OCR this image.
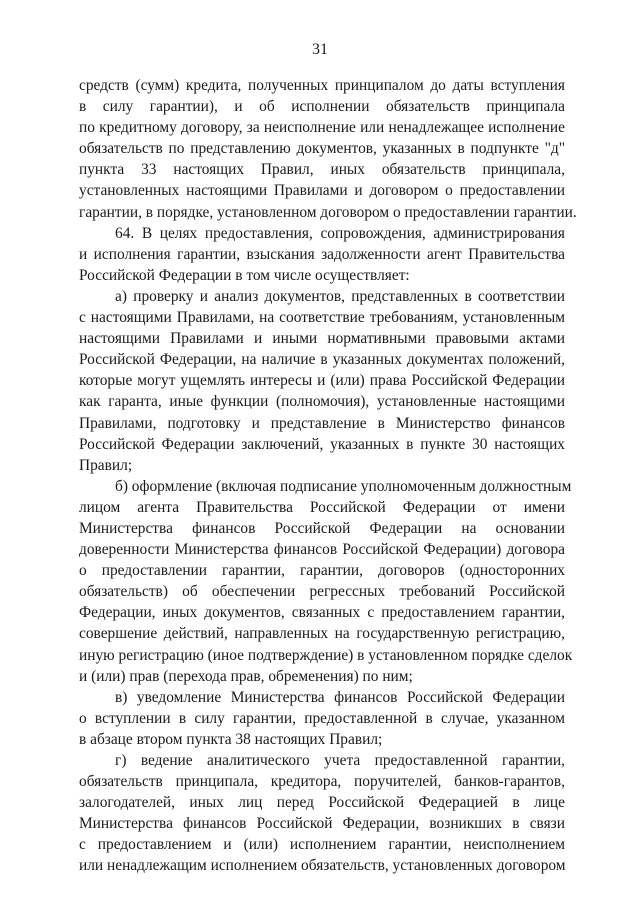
31
средств (сумм) кредита, полученных принципалом до даты вступления
в силу гарантии), и об исполнении обязательств принципала
по кредитному договору, за неисполнение или ненадлежащее исполнение
обязательств по представлению документов, указанных в подпункте "д"
пункта 33 настоящих Правил, иных обязательств принципала,
установленных настоящими Правилами и договором о предоставлении
гарантии, в порядке, установленном договором о предоставлении гарантии.
64. В целях предоставления, сопровождения, администрирования
и исполнения гарантии, взыскания задолженности агент Правительства
Российской Федерации в том числе осуществляет:
а) проверку и анализ документов, представленных в соответствии
с настоящими Правилами, на соответствие требованиям, установленным
настоящими Правилами и иными нормативными правовыми актами
Российской Федерации, на наличие в указанных документах положений,
которые могут ущемлять интересы и (или) права Российской Федерации
как гаранта, иные функции (полномочия), установленные настоящими
Правилами, подготовку и представление в Министерство финансов
Российской Федерации заключений, указанных в пункте 30 настоящих
Правил;
б) оформление (включая подписание уполномоченным должностным
лицом агента Правительства Российской Федерации от имени
Министерства финансов Российской Федерации на основании
доверенности Министерства финансов Российской Федерации) договора
о предоставлении гарантии, гарантии, договоров (односторонних
обязательств) об обеспечении регрессных требований Российской
Федерации, иных документов, связанных с предоставлением гарантии,
совершение действий, направленных на государственную регистрацию,
иную регистрацию (иное подтверждение) в установленном порядке сделок
и (или) прав (перехода прав, обременения) по ним;
в) уведомление Министерства финансов Российской Федерации
о вступлении в силу гарантии, предоставленной в случае, указанном
в абзаце втором пункта 38 настоящих Правил;
г) ведение аналитического учета предоставленной гарантии,
обязательств принципала, кредитора, поручителей, банков-гарантов,
залогодателей, иных лиц перед Российской Федерацией в лице
Министерства финансов Российской Федерации, возникших в связи
с предоставлением и (или) исполнением гарантии, неисполнением
или ненадлежащим исполнением обязательств, установленных договором
